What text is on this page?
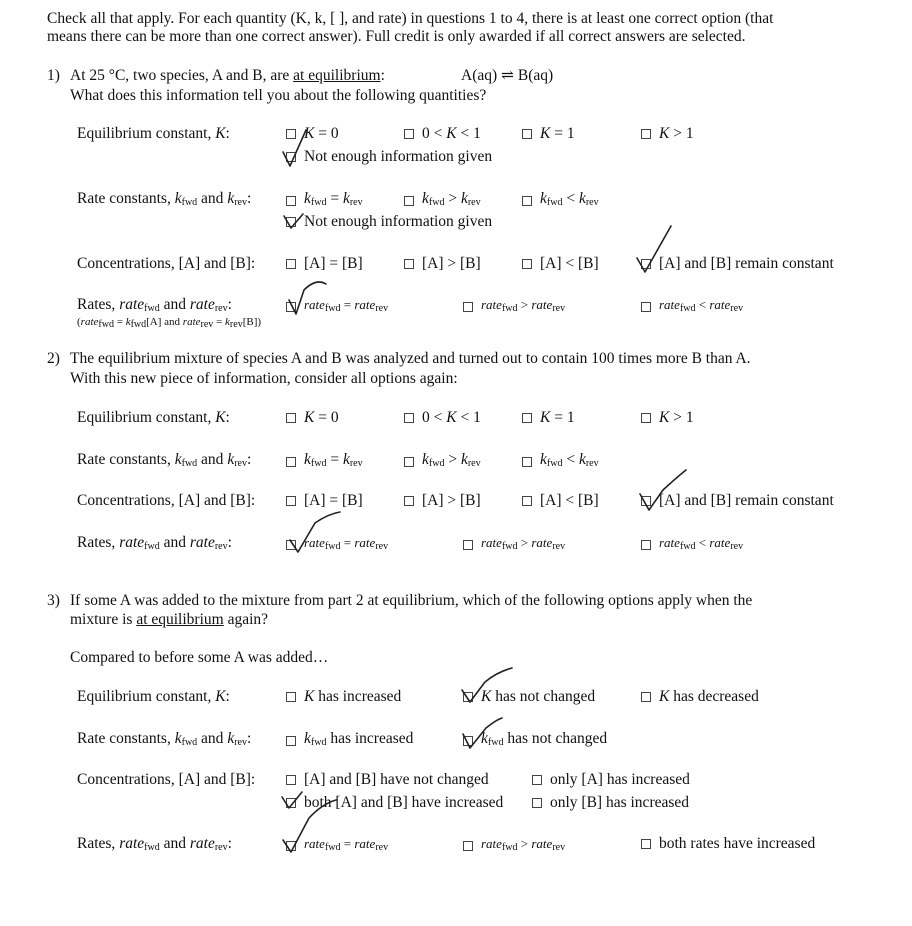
Check all that apply. For each quantity (K, k, [ ], and rate) in questions 1 to 4, there is at least one correct option (that
means there can be more than one correct answer). Full credit is only awarded if all correct answers are selected.
1) At 25 °C, two species, A and B, are at equilibrium:	A(aq) ⇌ B(aq)
What does this information tell you about the following quantities?
Equilibrium constant, K:	K = 0	0 < K < 1	K = 1	K > 1
Not enough information given
Rate constants, $k_{fwd}$ and $k_{rev}$:	$k_{fwd} = k_{rev}$	$k_{fwd} > k_{rev}$	$k_{fwd} < k_{rev}$
Not enough information given
Concentrations, [A] and [B]:	[A] = [B]	[A] > [B]	[A] < [B]	[A] and [B] remain constant
Rates, rate$_{fwd}$ and rate$_{rev}$:
(ratefwd = kfwd[A] and raterev = krev[B])
rate$_{fwd}$ = rate$_{rev}$	rate$_{fwd}$ > rate$_{rev}$	rate$_{fwd}$ < rate$_{rev}$
2) The equilibrium mixture of species A and B was analyzed and turned out to contain 100 times more B than A.
With this new piece of information, consider all options again:
Equilibrium constant, K:	K = 0	0 < K < 1	K = 1	K > 1
Rate constants, $k_{fwd}$ and $k_{rev}$:	$k_{fwd} = k_{rev}$	$k_{fwd} > k_{rev}$	$k_{fwd} < k_{rev}$
Concentrations, [A] and [B]:	[A] = [B]	[A] > [B]	[A] < [B]	[A] and [B] remain constant
Rates, rate$_{fwd}$ and rate$_{rev}$:	rate$_{fwd}$ = rate$_{rev}$	rate$_{fwd}$ > rate$_{rev}$	rate$_{fwd}$ < rate$_{rev}$
3) If some A was added to the mixture from part 2 at equilibrium, which of the following options apply when the
mixture is at equilibrium again?
Compared to before some A was added…
Equilibrium constant, K:	K has increased	K has not changed	K has decreased
Rate constants, $k_{fwd}$ and $k_{rev}$:	$k_{fwd}$ has increased	$k_{fwd}$ has not changed
Concentrations, [A] and [B]:	[A] and [B] have not changed	only [A] has increased
both [A] and [B] have increased	only [B] has increased
Rates, rate$_{fwd}$ and rate$_{rev}$:	rate$_{fwd}$ = rate$_{rev}$	rate$_{fwd}$ > rate$_{rev}$	both rates have increased
